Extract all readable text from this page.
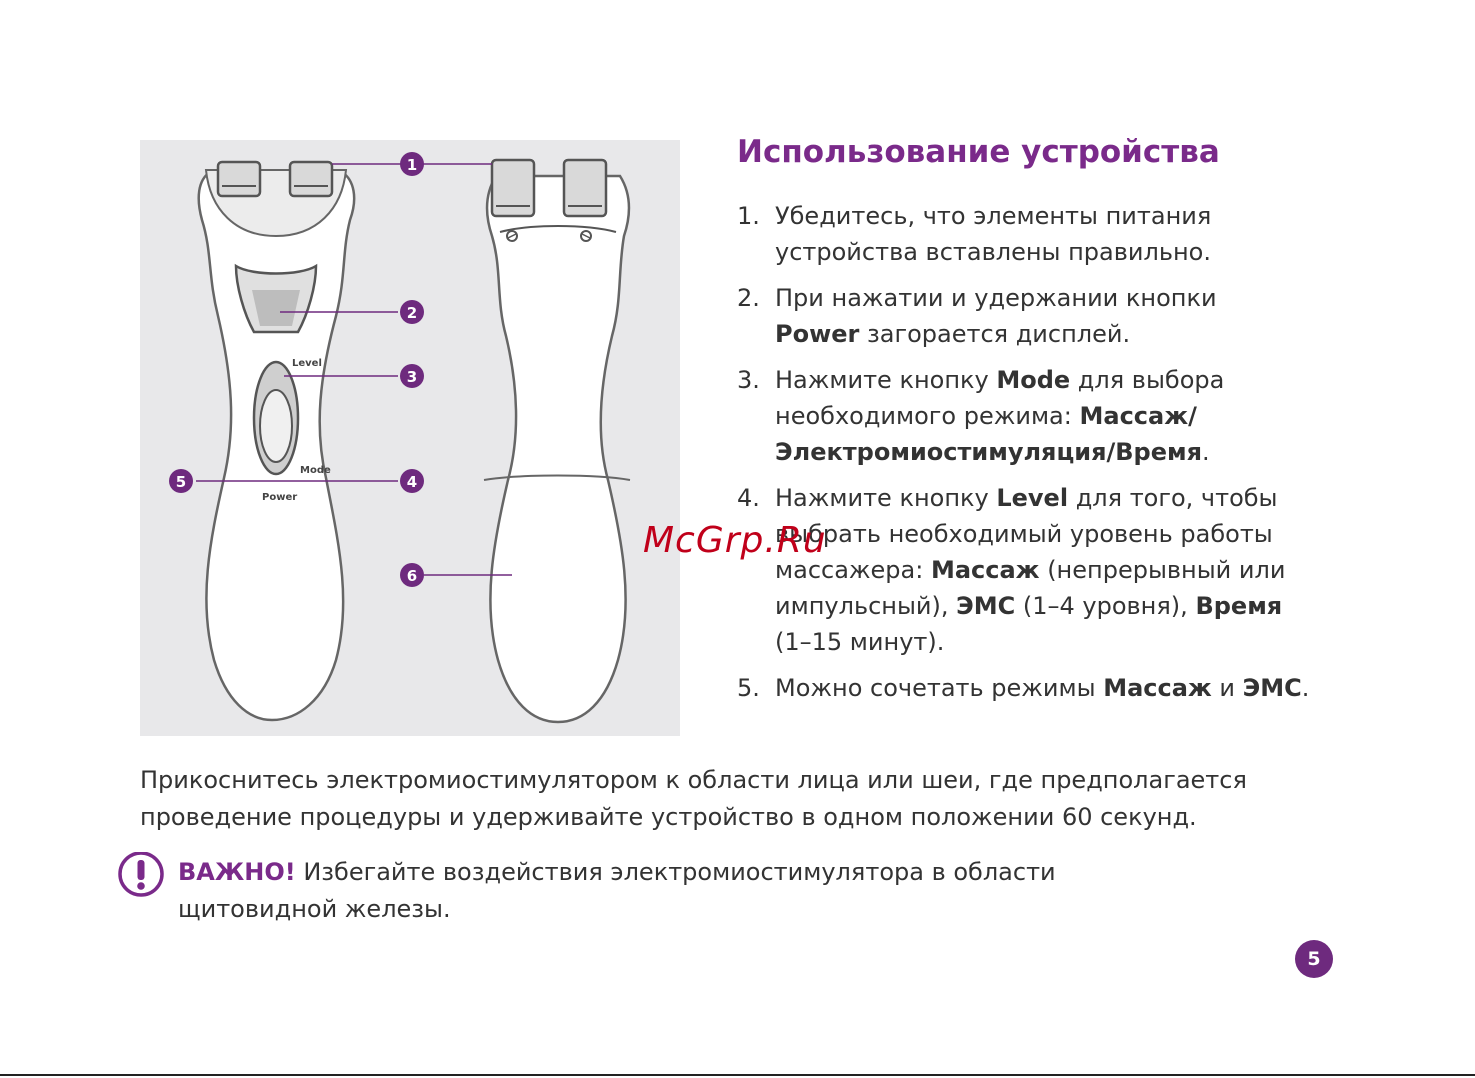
Level
Mode
Power
1
2
3
4
5
6
Использование устройства
1. Убедитесь, что элементы питания
устройства вставлены правильно.
2. При нажатии и удержании кнопки
Power загорается дисплей.
3. Нажмите кнопку Mode для выбора
необходимого режима: Массаж/
Электромиостимуляция/Время.
4. Нажмите кнопку Level для того, чтобы
выбрать необходимый уровень работы
массажера: Массаж (непрерывный или
импульсный), ЭМС (1–4 уровня), Время
(1–15 минут).
5. Можно сочетать режимы Массаж и ЭМС.

Прикоснитесь электромиостимулятором к области лица или шеи, где предполагается
проведение процедуры и удерживайте устройство в одном положении 60 секунд.

ВАЖНО! Избегайте воздействия электромиостимулятора в области
щитовидной железы.

5
McGrp.Ru
